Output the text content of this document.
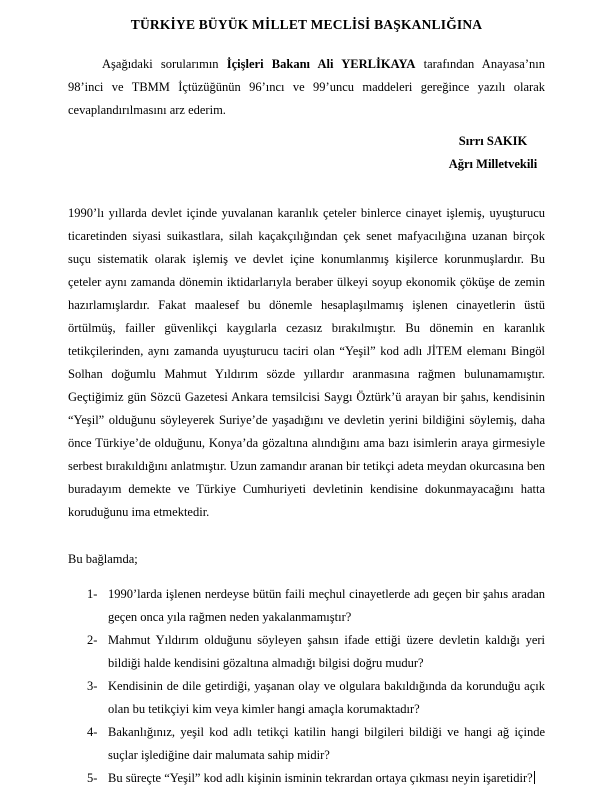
TÜRKİYE BÜYÜK MİLLET MECLİSİ BAŞKANLIĞINA

Aşağıdaki sorularımın İçişleri Bakanı Ali YERLİKAYA tarafından Anayasa’nın 98’inci ve TBMM İçtüzüğünün 96’ıncı ve 99’uncu maddeleri gereğince yazılı olarak cevaplandırılmasını arz ederim.

Sırrı SAKIK
Ağrı Milletvekili

1990’lı yıllarda devlet içinde yuvalanan karanlık çeteler binlerce cinayet işlemiş, uyuşturucu ticaretinden siyasi suikastlara, silah kaçakçılığından çek senet mafyacılığına uzanan birçok suçu sistematik olarak işlemiş ve devlet içine konumlanmış kişilerce korunmuşlardır. Bu çeteler aynı zamanda dönemin iktidarlarıyla beraber ülkeyi soyup ekonomik çöküşe de zemin hazırlamışlardır. Fakat maalesef bu dönemle hesaplaşılmamış işlenen cinayetlerin üstü örtülmüş, failler güvenlikçi kaygılarla cezasız bırakılmıştır. Bu dönemin en karanlık tetikçilerinden, aynı zamanda uyuşturucu taciri olan “Yeşil” kod adlı JİTEM elemanı Bingöl Solhan doğumlu Mahmut Yıldırım sözde yıllardır aranmasına rağmen bulunamamıştır. Geçtiğimiz gün Sözcü Gazetesi Ankara temsilcisi Saygı Öztürk’ü arayan bir şahıs, kendisinin “Yeşil” olduğunu söyleyerek Suriye’de yaşadığını ve devletin yerini bildiğini söylemiş, daha önce Türkiye’de olduğunu, Konya’da gözaltına alındığını ama bazı isimlerin araya girmesiyle serbest bırakıldığını anlatmıştır. Uzun zamandır aranan bir tetikçi adeta meydan okurcasına ben buradayım demekte ve Türkiye Cumhuriyeti devletinin kendisine dokunmayacağını hatta koruduğunu ima etmektedir.

Bu bağlamda;

1- 1990’larda işlenen nerdeyse bütün faili meçhul cinayetlerde adı geçen bir şahıs aradan geçen onca yıla rağmen neden yakalanmamıştır?
2- Mahmut Yıldırım olduğunu söyleyen şahsın ifade ettiği üzere devletin kaldığı yeri bildiği halde kendisini gözaltına almadığı bilgisi doğru mudur?
3- Kendisinin de dile getirdiği, yaşanan olay ve olgulara bakıldığında da korunduğu açık olan bu tetikçiyi kim veya kimler hangi amaçla korumaktadır?
4- Bakanlığınız, yeşil kod adlı tetikçi katilin hangi bilgileri bildiği ve hangi ağ içinde suçlar işlediğine dair malumata sahip midir?
5- Bu süreçte “Yeşil” kod adlı kişinin isminin tekrardan ortaya çıkması neyin işaretidir?
